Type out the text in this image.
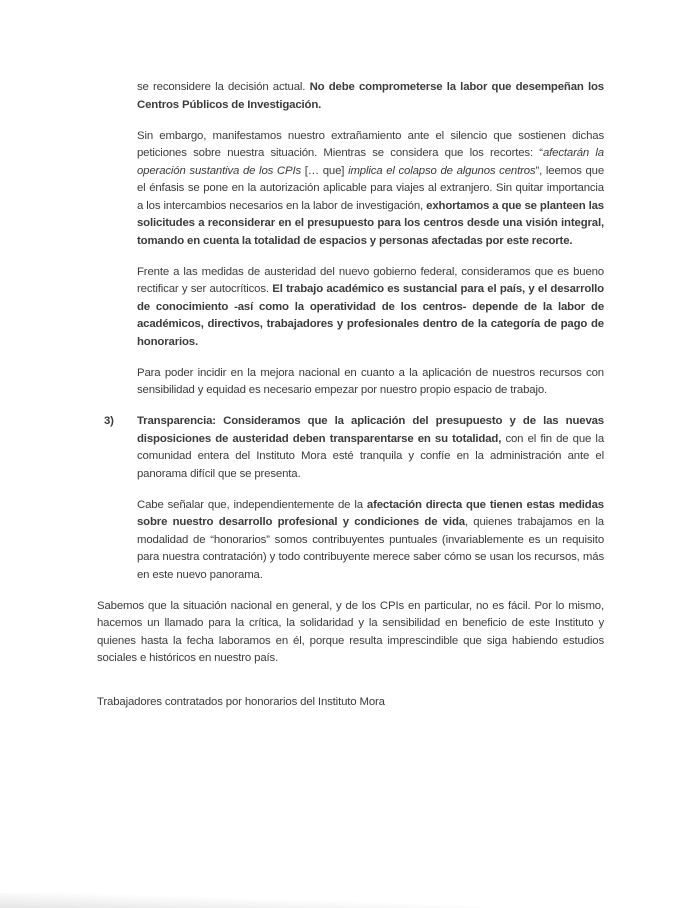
se reconsidere la decisión actual. No debe comprometerse la labor que desempeñan los Centros Públicos de Investigación.

Sin embargo, manifestamos nuestro extrañamiento ante el silencio que sostienen dichas peticiones sobre nuestra situación. Mientras se considera que los recortes: “afectarán la operación sustantiva de los CPIs [… que] implica el colapso de algunos centros”, leemos que el énfasis se pone en la autorización aplicable para viajes al extranjero. Sin quitar importancia a los intercambios necesarios en la labor de investigación, exhortamos a que se planteen las solicitudes a reconsiderar en el presupuesto para los centros desde una visión integral, tomando en cuenta la totalidad de espacios y personas afectadas por este recorte.

Frente a las medidas de austeridad del nuevo gobierno federal, consideramos que es bueno rectificar y ser autocríticos. El trabajo académico es sustancial para el país, y el desarrollo de conocimiento -así como la operatividad de los centros- depende de la labor de académicos, directivos, trabajadores y profesionales dentro de la categoría de pago de honorarios.

Para poder incidir en la mejora nacional en cuanto a la aplicación de nuestros recursos con sensibilidad y equidad es necesario empezar por nuestro propio espacio de trabajo.

3) Transparencia: Consideramos que la aplicación del presupuesto y de las nuevas disposiciones de austeridad deben transparentarse en su totalidad, con el fin de que la comunidad entera del Instituto Mora esté tranquila y confíe en la administración ante el panorama difícil que se presenta.

Cabe señalar que, independientemente de la afectación directa que tienen estas medidas sobre nuestro desarrollo profesional y condiciones de vida, quienes trabajamos en la modalidad de “honorarios” somos contribuyentes puntuales (invariablemente es un requisito para nuestra contratación) y todo contribuyente merece saber cómo se usan los recursos, más en este nuevo panorama.

Sabemos que la situación nacional en general, y de los CPIs en particular, no es fácil. Por lo mismo, hacemos un llamado para la crítica, la solidaridad y la sensibilidad en beneficio de este Instituto y quienes hasta la fecha laboramos en él, porque resulta imprescindible que siga habiendo estudios sociales e históricos en nuestro país.

Trabajadores contratados por honorarios del Instituto Mora
